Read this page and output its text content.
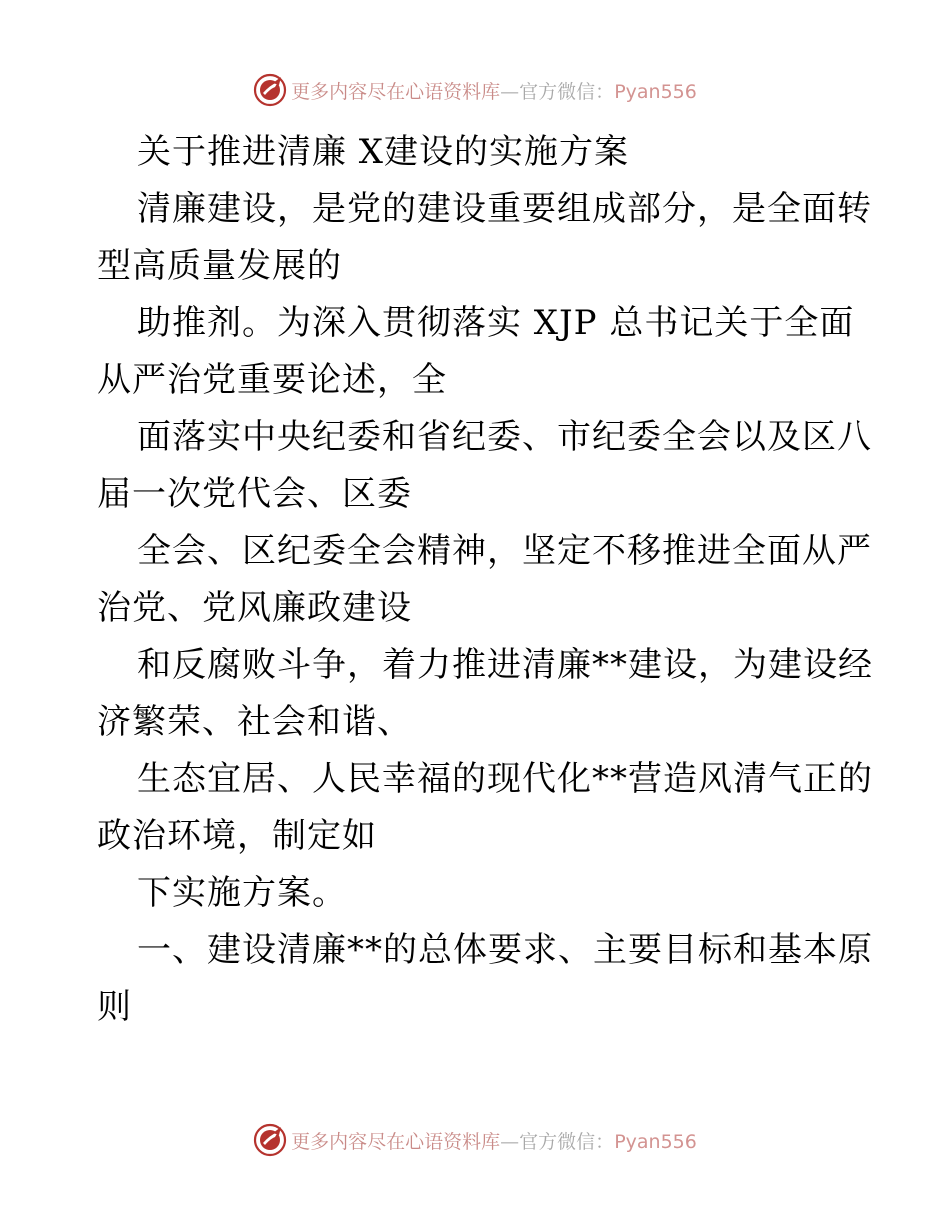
更多内容尽在心语资料库—官方微信：Pyan556
关于推进清廉 X建设的实施方案
清廉建设，是党的建设重要组成部分，是全面转
型高质量发展的
助推剂。为深入贯彻落实 XJP 总书记关于全面
从严治党重要论述，全
面落实中央纪委和省纪委、市纪委全会以及区八
届一次党代会、区委
全会、区纪委全会精神，坚定不移推进全面从严
治党、党风廉政建设
和反腐败斗争，着力推进清廉**建设，为建设经
济繁荣、社会和谐、
生态宜居、人民幸福的现代化**营造风清气正的
政治环境，制定如
下实施方案。
一、建设清廉**的总体要求、主要目标和基本原
则
更多内容尽在心语资料库—官方微信：Pyan556
